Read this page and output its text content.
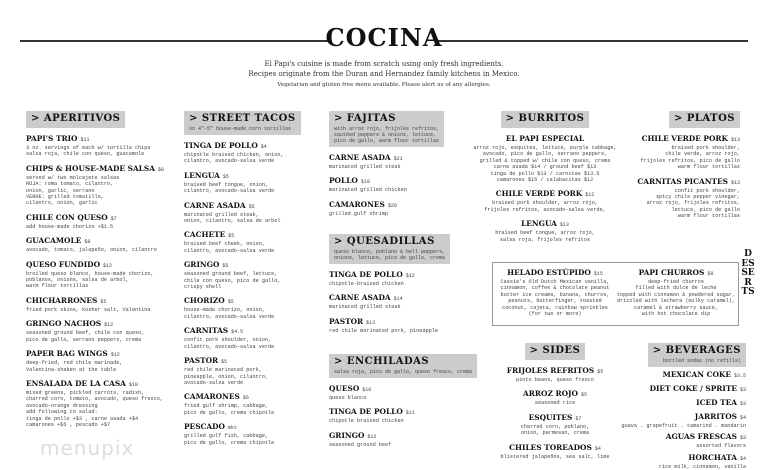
COCINA
El Papi's cuisine is made from scratch using only fresh ingredients.
Recipes originate from the Duran and Hernandez family kitchens in Mexico.
Vegetarian and gluten free menu available. Please alert us of any allergies.
> APERITIVOS
PAPI'S TRIO $11
3 oz. servings of each w/ tortilla chips
salsa roja, chile con queso, guacamole
CHIPS & HOUSE-MADE SALSA $8
served w/ two molcajete salsas
ROJA: roma tomato, cilantro,
onion, garlic, serrano
VERDE: grilled tomatillo,
cilantro, onion, garlic
CHILE CON QUESO $7
add house-made chorizo +$1.5
GUACAMOLE $8
avocado, tomato, jalapeño, onion, cilantro
QUESO FUNDIDO $12
broiled queso blanco, house-made chorizo,
poblanos, onions, salsa de arbol,
warm flour tortillas
CHICHARRONES $5
fried pork skins, kosher salt, Valentina
GRINGO NACHOS $12
seasoned ground beef, chile con queso,
pico de gallo, serrano peppers, crema
PAPER BAG WINGS $12
deep-fried, red chile marinade,
Valentina-shaken at the table
ENSALADA DE LA CASA $10
mixed greens, pickled carrots, radish,
charred corn, tomato, avocado, queso fresco,
avocado-orange dressing
add following to salad:
tinga de pollo +$3 , carne asada +$4
camarones +$5 , pescado +$7
> STREET TACOS
on 4"-5" house-made corn tortillas
TINGA DE POLLO $4
chipotle braised chicken, onion,
cilantro, avocado-salsa verde
LENGUA $5
braised beef tongue, onion,
cilantro, avocado-salsa verde
CARNE ASADA $5
marinated grilled steak,
onion, cilantro, salsa de arbol
CACHETE $5
braised beef cheek, onion,
cilantro, avocado-salsa verde
GRINGO $5
seasoned ground beef, lettuce,
chile con queso, pico de gallo,
crispy shell
CHORIZO $5
house-made chorizo, onion,
cilantro, avocado-salsa verde
CARNITAS $4.5
confit pork shoulder, onion,
cilantro, avocado-salsa verde
PASTOR $5
red chile marinated pork,
pineapple, onion, cilantro,
avocado-salsa verde
CAMARONES $6
fried gulf shrimp, cabbage,
pico de gallo, crema chipotle
PESCADO mkt
grilled gulf fish, cabbage,
pico de gallo, crema chipotle
> FAJITAS
with arroz rojo, frijoles refritos,
sautéed peppers & onions, lettuce,
pico de gallo, warm flour tortillas
CARNE ASADA $21
marinated grilled steak
POLLO $19
marinated grilled chicken
CAMARONES $20
grilled gulf shrimp
> QUESADILLAS
queso blanco, poblano & bell peppers,
onions, lettuce, pico de gallo, crema
TINGA DE POLLO $12
chipotle-braised chicken
CARNE ASADA $14
marinated grilled steak
PASTOR $13
red chile marinated pork, pineapple
> ENCHILADAS
salsa roja, pico de gallo, queso fresco, crema
QUESO $10
queso blanco
TINGA DE POLLO $11
chipotle braised chicken
GRINGO $12
seasoned ground beef
> BURRITOS
EL PAPI ESPECIAL
arroz rojo, esquites, lettuce, purple cabbage,
avocado, pico de gallo, serrano peppers,
grilled & topped w/ chile con queso, crema
carne asada $14 / ground beef $13
tinga de pollo $13 / carnitas $13.5
camarones $15 / calabacitas $12
CHILE VERDE PORK $12
braised pork shoulder, arroz rojo,
frijoles refritos, avocado-salsa verde,
LENGUA $13
braised beef tongue, arroz rojo,
salsa roja, frijoles refritos
> PLATOS
CHILE VERDE PORK $13
braised pork shoulder,
chile verde, arroz rojo,
frijoles refritos, pico de gallo
warm flour tortillas
CARNITAS PICANTES $13
confit pork shoulder,
spicy chile pepper vinegar,
arroz rojo, frijoles refritos,
lettuce, pico de gallo
warm flour tortillas
DESSERTS
HELADO ESTÚPIDO $15
Cassie's Old Dutch Mexican vanilla,
cinnamon, coffee & chocolate peanut
butter ice creams, banana, churros,
peanuts, butterfinger, toasted
coconut, cajeta, rainbow sprinkles
(for two or more)
PAPI CHURROS $8
deep-fried churros
filled with dulce de leche
topped with cinnamon & powdered sugar,
drizzled with lechera (milky caramel),
caramel & strawberry sauce,
with hot chocolate dip
menupix
> SIDES
FRIJOLES REFRITOS $5
pinto beans, queso fresco
ARROZ ROJO $5
seasoned rice
ESQUITES $7
charred corn, poblano,
onion, parmesan, crema
CHILES TOREADOS $4
blistered jalapeños, sea salt, lime
> BEVERAGES
bottled sodas (no refills)
MEXICAN COKE $3.5
DIET COKE / SPRITE $3
ICED TEA $3
JARRITOS $4
guava . grapefruit . tamarind . mandarin
AGUAS FRESCAS $3
assorted flavors
HORCHATA $4
rice milk, cinnamon, vanilla
